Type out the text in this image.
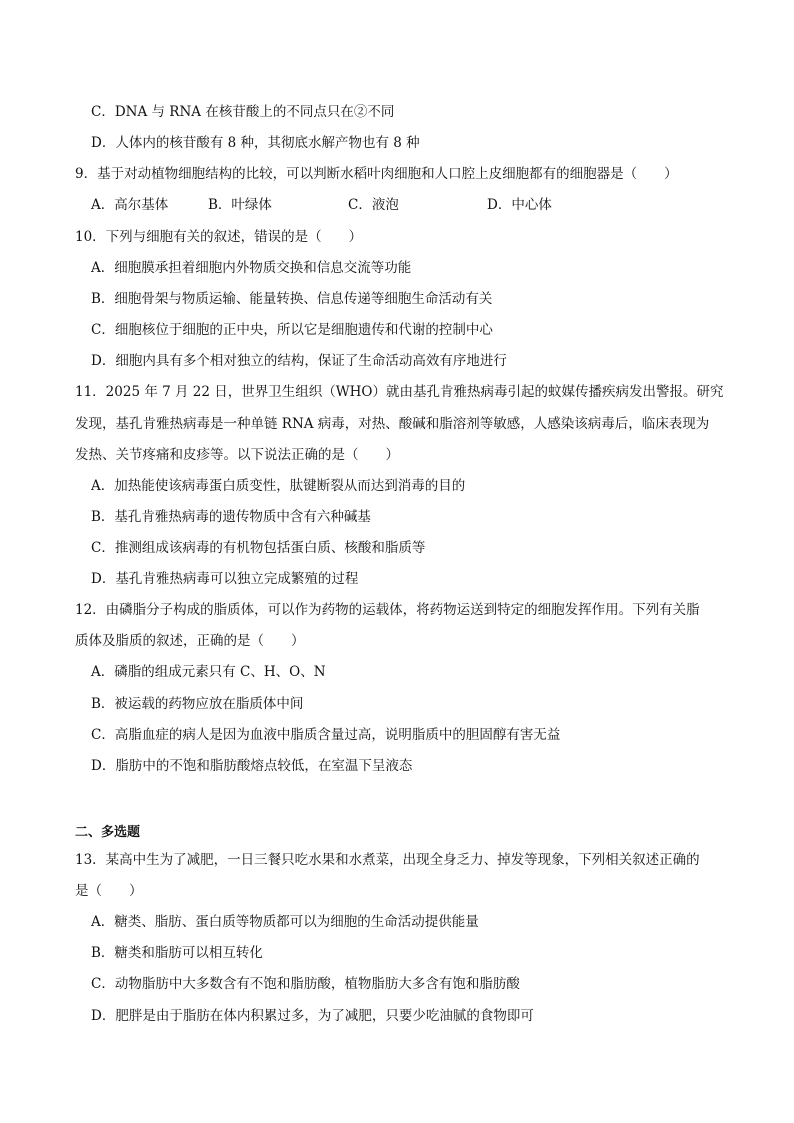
C．DNA 与 RNA 在核苷酸上的不同点只在②不同
D．人体内的核苷酸有 8 种，其彻底水解产物也有 8 种
9．基于对动植物细胞结构的比较，可以判断水稻叶肉细胞和人口腔上皮细胞都有的细胞器是（　　）
A．高尔基体	B．叶绿体	C．液泡	D．中心体
10．下列与细胞有关的叙述，错误的是（　　）
A．细胞膜承担着细胞内外物质交换和信息交流等功能
B．细胞骨架与物质运输、能量转换、信息传递等细胞生命活动有关
C．细胞核位于细胞的正中央，所以它是细胞遗传和代谢的控制中心
D．细胞内具有多个相对独立的结构，保证了生命活动高效有序地进行
11．2025 年 7 月 22 日，世界卫生组织（WHO）就由基孔肯雅热病毒引起的蚊媒传播疾病发出警报。研究
发现，基孔肯雅热病毒是一种单链 RNA 病毒，对热、酸碱和脂溶剂等敏感，人感染该病毒后，临床表现为
发热、关节疼痛和皮疹等。以下说法正确的是（　　）
A．加热能使该病毒蛋白质变性，肽键断裂从而达到消毒的目的
B．基孔肯雅热病毒的遗传物质中含有六种碱基
C．推测组成该病毒的有机物包括蛋白质、核酸和脂质等
D．基孔肯雅热病毒可以独立完成繁殖的过程
12．由磷脂分子构成的脂质体，可以作为药物的运载体，将药物运送到特定的细胞发挥作用。下列有关脂
质体及脂质的叙述，正确的是（　　）
A．磷脂的组成元素只有 C、H、O、N
B．被运载的药物应放在脂质体中间
C．高脂血症的病人是因为血液中脂质含量过高，说明脂质中的胆固醇有害无益
D．脂肪中的不饱和脂肪酸熔点较低，在室温下呈液态
二、多选题
13．某高中生为了减肥，一日三餐只吃水果和水煮菜，出现全身乏力、掉发等现象，下列相关叙述正确的
是（　　）
A．糖类、脂肪、蛋白质等物质都可以为细胞的生命活动提供能量
B．糖类和脂肪可以相互转化
C．动物脂肪中大多数含有不饱和脂肪酸，植物脂肪大多含有饱和脂肪酸
D．肥胖是由于脂肪在体内积累过多，为了减肥，只要少吃油腻的食物即可
